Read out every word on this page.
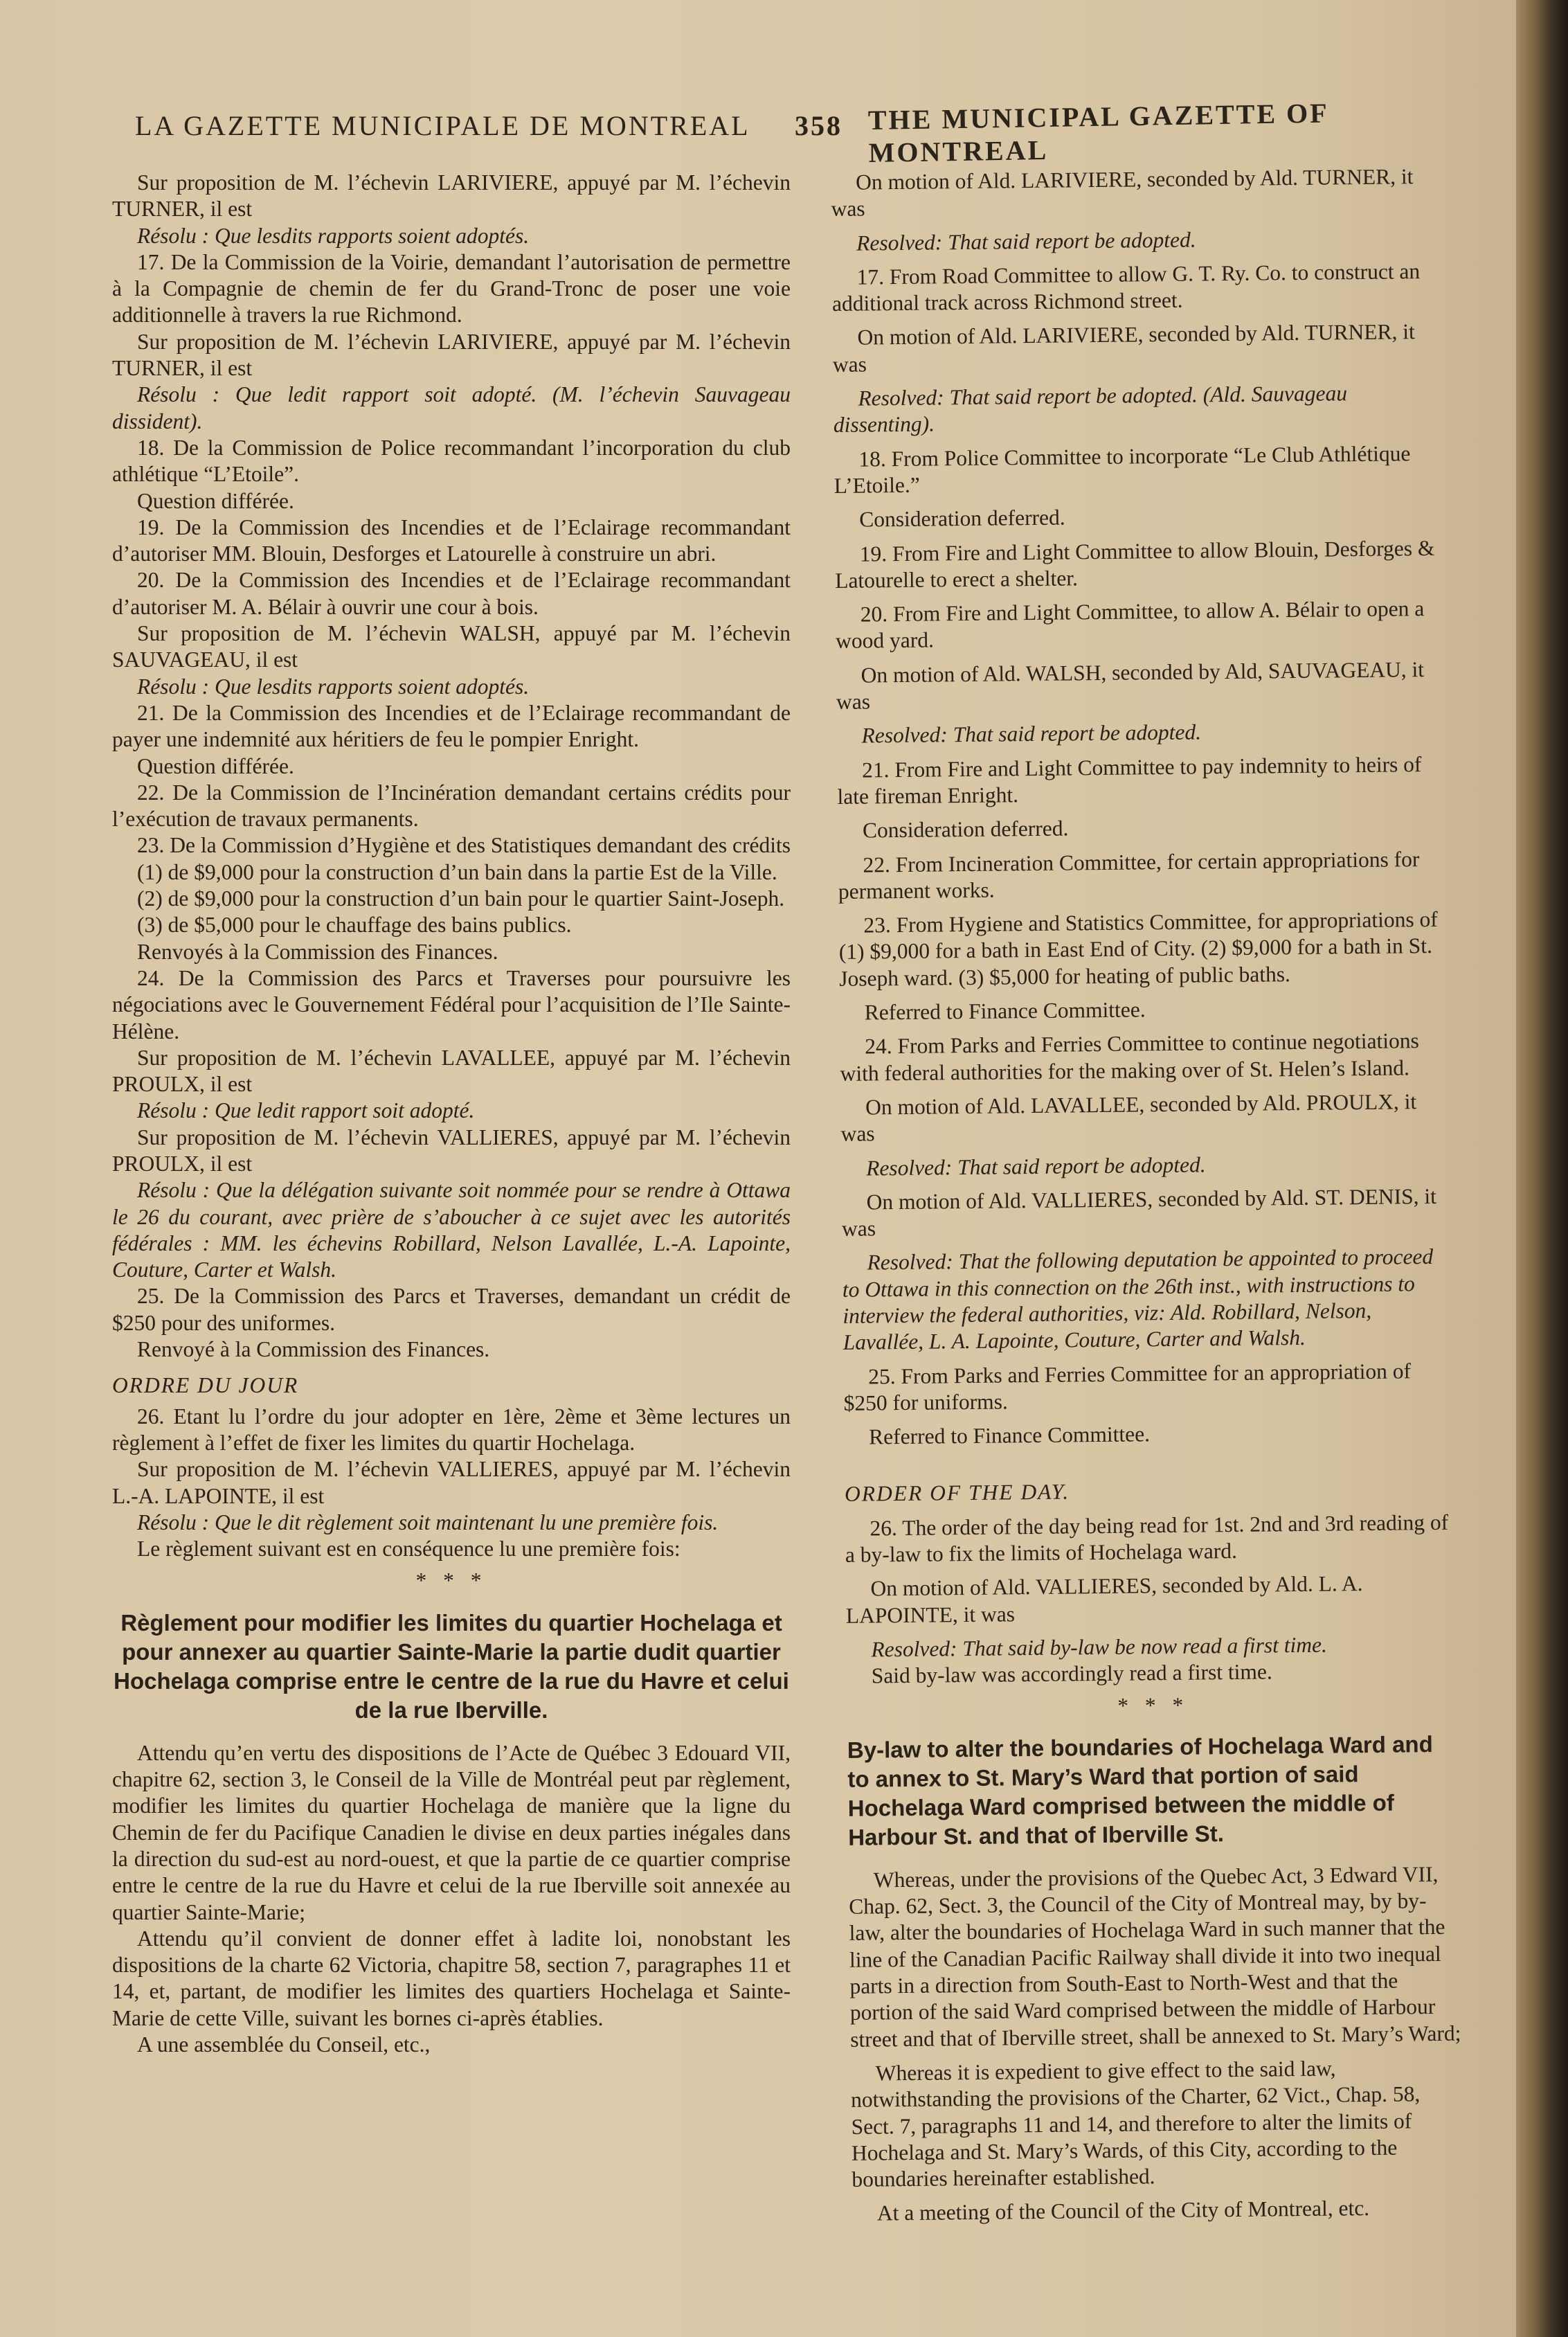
LA GAZETTE MUNICIPALE DE MONTREAL 358 THE MUNICIPAL GAZETTE OF MONTREAL

Sur proposition de M. l’échevin LARIVIERE, appuyé par M. l’échevin TURNER, il est

Résolu : Que lesdits rapports soient adoptés.

17. De la Commission de la Voirie, demandant l’autorisation de permettre à la Compagnie de chemin de fer du Grand-Tronc de poser une voie additionnelle à travers la rue Richmond.

Sur proposition de M. l’échevin LARIVIERE, appuyé par M. l’échevin TURNER, il est

Résolu : Que ledit rapport soit adopté. (M. l’échevin Sauvageau dissident).

18. De la Commission de Police recommandant l’incorporation du club athlétique “L’Etoile”.

Question différée.

19. De la Commission des Incendies et de l’Eclairage recommandant d’autoriser MM. Blouin, Desforges et Latourelle à construire un abri.

20. De la Commission des Incendies et de l’Eclairage recommandant d’autoriser M. A. Bélair à ouvrir une cour à bois.

Sur proposition de M. l’échevin WALSH, appuyé par M. l’échevin SAUVAGEAU, il est

Résolu : Que lesdits rapports soient adoptés.

21. De la Commission des Incendies et de l’Eclairage recommandant de payer une indemnité aux héritiers de feu le pompier Enright.

Question différée.

22. De la Commission de l’Incinération demandant certains crédits pour l’exécution de travaux permanents.

23. De la Commission d’Hygiène et des Statistiques demandant des crédits

(1) de $9,000 pour la construction d’un bain dans la partie Est de la Ville.

(2) de $9,000 pour la construction d’un bain pour le quartier Saint-Joseph.

(3) de $5,000 pour le chauffage des bains publics.

Renvoyés à la Commission des Finances.

24. De la Commission des Parcs et Traverses pour poursuivre les négociations avec le Gouvernement Fédéral pour l’acquisition de l’Ile Sainte-Hélène.

Sur proposition de M. l’échevin LAVALLEE, appuyé par M. l’échevin PROULX, il est

Résolu : Que ledit rapport soit adopté.

Sur proposition de M. l’échevin VALLIERES, appuyé par M. l’échevin PROULX, il est

Résolu : Que la délégation suivante soit nommée pour se rendre à Ottawa le 26 du courant, avec prière de s’aboucher à ce sujet avec les autorités fédérales : MM. les échevins Robillard, Nelson Lavallée, L.-A. Lapointe, Couture, Carter et Walsh.

25. De la Commission des Parcs et Traverses, demandant un crédit de $250 pour des uniformes.

Renvoyé à la Commission des Finances.

ORDRE DU JOUR

26. Etant lu l’ordre du jour adopter en 1ère, 2ème et 3ème lectures un règlement à l’effet de fixer les limites du quartir Hochelaga.

Sur proposition de M. l’échevin VALLIERES, appuyé par M. l’échevin L.-A. LAPOINTE, il est

Résolu : Que le dit règlement soit maintenant lu une première fois.

Le règlement suivant est en conséquence lu une première fois:

* * *
Règlement pour modifier les limites du quartier Hochelaga et pour annexer au quartier Sainte-Marie la partie dudit quartier Hochelaga comprise entre le centre de la rue du Havre et celui de la rue Iberville.

Attendu qu’en vertu des dispositions de l’Acte de Québec 3 Edouard VII, chapitre 62, section 3, le Conseil de la Ville de Montréal peut par règlement, modifier les limites du quartier Hochelaga de manière que la ligne du Chemin de fer du Pacifique Canadien le divise en deux parties inégales dans la direction du sud-est au nord-ouest, et que la partie de ce quartier comprise entre le centre de la rue du Havre et celui de la rue Iberville soit annexée au quartier Sainte-Marie;

Attendu qu’il convient de donner effet à ladite loi, nonobstant les dispositions de la charte 62 Victoria, chapitre 58, section 7, paragraphes 11 et 14, et, partant, de modifier les limites des quartiers Hochelaga et Sainte-Marie de cette Ville, suivant les bornes ci-après établies.

A une assemblée du Conseil, etc.,

On motion of Ald. LARIVIERE, seconded by Ald. TURNER, it was

Resolved: That said report be adopted.

17. From Road Committee to allow G. T. Ry. Co. to construct an additional track across Richmond street.

On motion of Ald. LARIVIERE, seconded by Ald. TURNER, it was

Resolved: That said report be adopted. (Ald. Sauvageau dissenting).

18. From Police Committee to incorporate “Le Club Athlétique L’Etoile.”

Consideration deferred.

19. From Fire and Light Committee to allow Blouin, Desforges & Latourelle to erect a shelter.

20. From Fire and Light Committee, to allow A. Bélair to open a wood yard.

On motion of Ald. WALSH, seconded by Ald, SAUVAGEAU, it was

Resolved: That said report be adopted.

21. From Fire and Light Committee to pay indemnity to heirs of late fireman Enright.

Consideration deferred.

22. From Incineration Committee, for certain appropriations for permanent works.

23. From Hygiene and Statistics Committee, for appropriations of (1) $9,000 for a bath in East End of City. (2) $9,000 for a bath in St. Joseph ward. (3) $5,000 for heating of public baths.

Referred to Finance Committee.

24. From Parks and Ferries Committee to continue negotiations with federal authorities for the making over of St. Helen’s Island.

On motion of Ald. LAVALLEE, seconded by Ald. PROULX, it was

Resolved: That said report be adopted.

On motion of Ald. VALLIERES, seconded by Ald. ST. DENIS, it was

Resolved: That the following deputation be appointed to proceed to Ottawa in this connection on the 26th inst., with instructions to interview the federal authorities, viz: Ald. Robillard, Nelson, Lavallée, L. A. Lapointe, Couture, Carter and Walsh.

25. From Parks and Ferries Committee for an appropriation of $250 for uniforms.

Referred to Finance Committee.

ORDER OF THE DAY.

26. The order of the day being read for 1st. 2nd and 3rd reading of a by-law to fix the limits of Hochelaga ward.

On motion of Ald. VALLIERES, seconded by Ald. L. A. LAPOINTE, it was

Resolved: That said by-law be now read a first time.

Said by-law was accordingly read a first time.

* * *
By-law to alter the boundaries of Hochelaga Ward and to annex to St. Mary’s Ward that portion of said Hochelaga Ward comprised between the middle of Harbour St. and that of Iberville St.

Whereas, under the provisions of the Quebec Act, 3 Edward VII, Chap. 62, Sect. 3, the Council of the City of Montreal may, by by-law, alter the boundaries of Hochelaga Ward in such manner that the line of the Canadian Pacific Railway shall divide it into two inequal parts in a direction from South-East to North-West and that the portion of the said Ward comprised between the middle of Harbour street and that of Iberville street, shall be annexed to St. Mary’s Ward;

Whereas it is expedient to give effect to the said law, notwithstanding the provisions of the Charter, 62 Vict., Chap. 58, Sect. 7, paragraphs 11 and 14, and therefore to alter the limits of Hochelaga and St. Mary’s Wards, of this City, according to the boundaries hereinafter established.

At a meeting of the Council of the City of Montreal, etc.
